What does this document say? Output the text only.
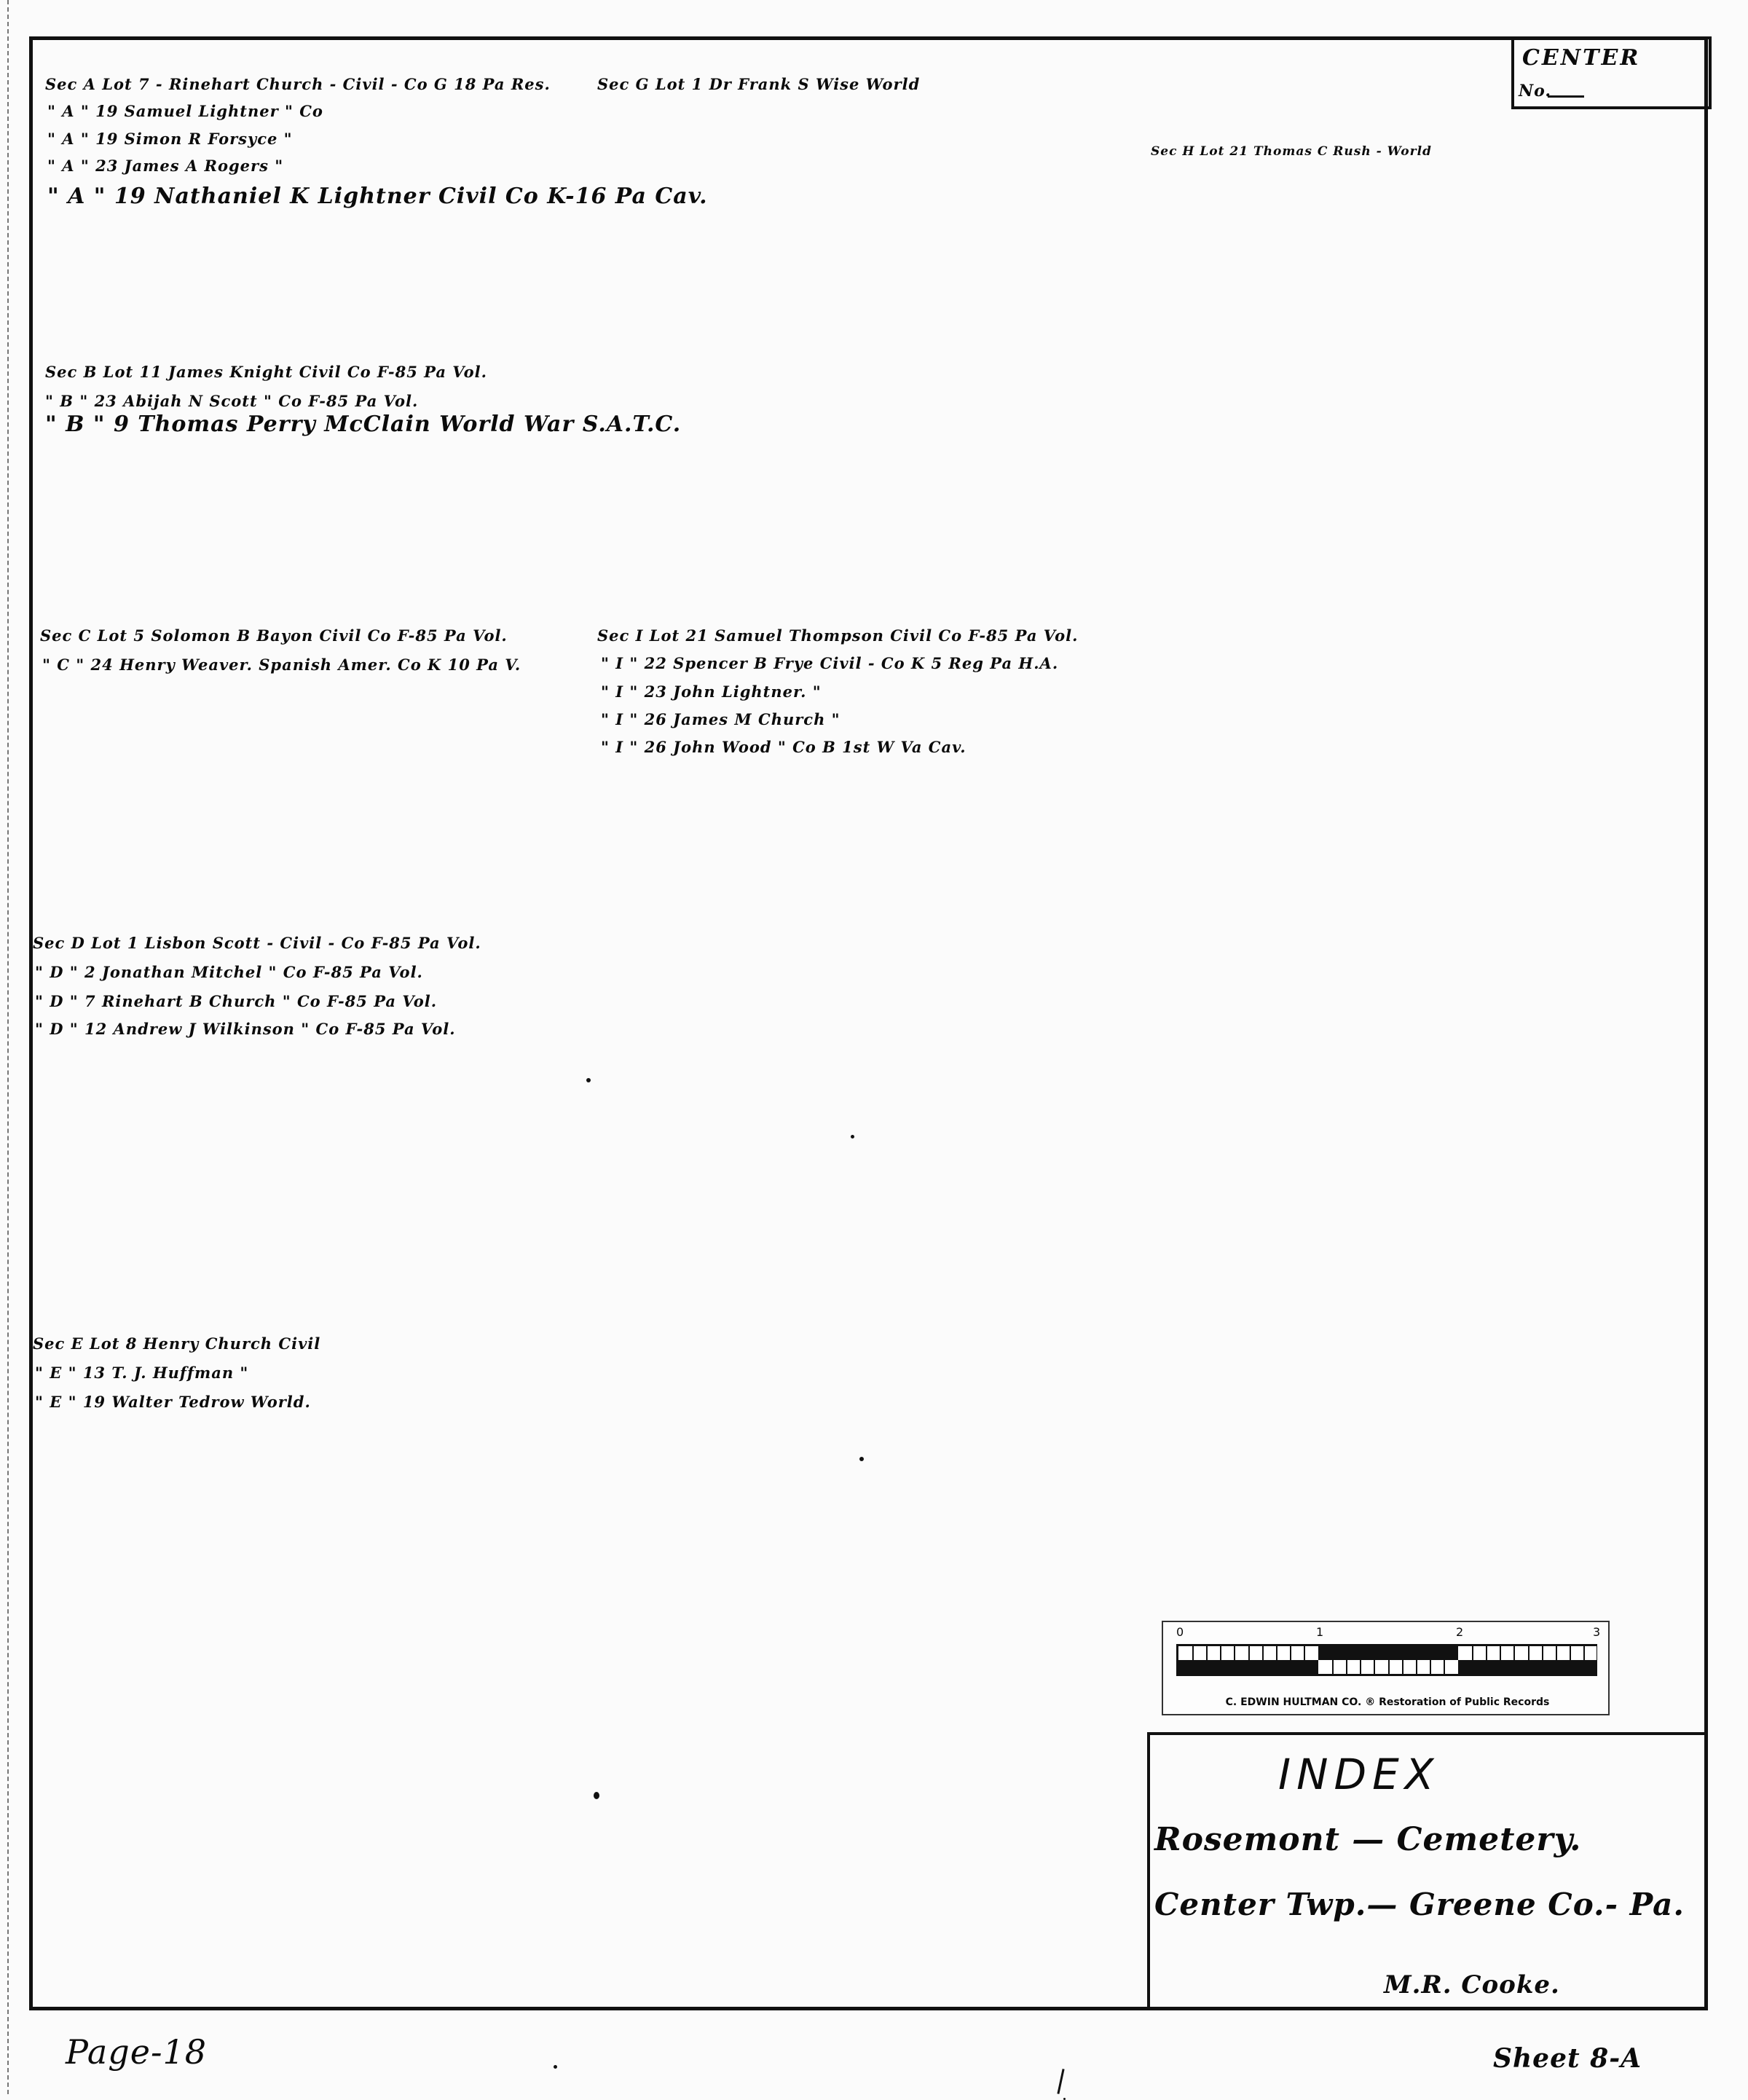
CENTER
No.
Sec A Lot 7 - Rinehart Church - Civil - Co G 18 Pa Res.	Sec G Lot 1 Dr Frank S Wise World
" A " 19 Samuel Lightner " Co
" A " 19 Simon R Forsyce "
" A " 23 James A Rogers "
" A " 19 Nathaniel K Lightner Civil Co K-16 Pa Cav.
Sec H Lot 21 Thomas C Rush - World
Sec B Lot 11 James Knight Civil Co F-85 Pa Vol.
" B " 23 Abijah N Scott " Co F-85 Pa Vol.
" B " 9 Thomas Perry McClain World War S.A.T.C.
Sec C Lot 5 Solomon B Bayon Civil Co F-85 Pa Vol.
" C " 24 Henry Weaver. Spanish Amer. Co K 10 Pa V.
Sec I Lot 21 Samuel Thompson Civil Co F-85 Pa Vol.
" I " 22 Spencer B Frye Civil - Co K 5 Reg Pa H.A.
" I " 23 John Lightner. "
" I " 26 James M Church "
" I " 26 John Wood " Co B 1st W Va Cav.
Sec D Lot 1 Lisbon Scott - Civil - Co F-85 Pa Vol.
" D " 2 Jonathan Mitchel " Co F-85 Pa Vol.
" D " 7 Rinehart B Church " Co F-85 Pa Vol.
" D " 12 Andrew J Wilkinson " Co F-85 Pa Vol.
Sec E Lot 8 Henry Church Civil
" E " 13 T. J. Huffman "
" E " 19 Walter Tedrow World.
0	1	2	3
C. EDWIN HULTMAN CO. ® Restoration of Public Records
INDEX
Rosemont — Cemetery.
Center Twp.— Greene Co.- Pa.
M.R. Cooke.
Sheet 8-A
Page-18
